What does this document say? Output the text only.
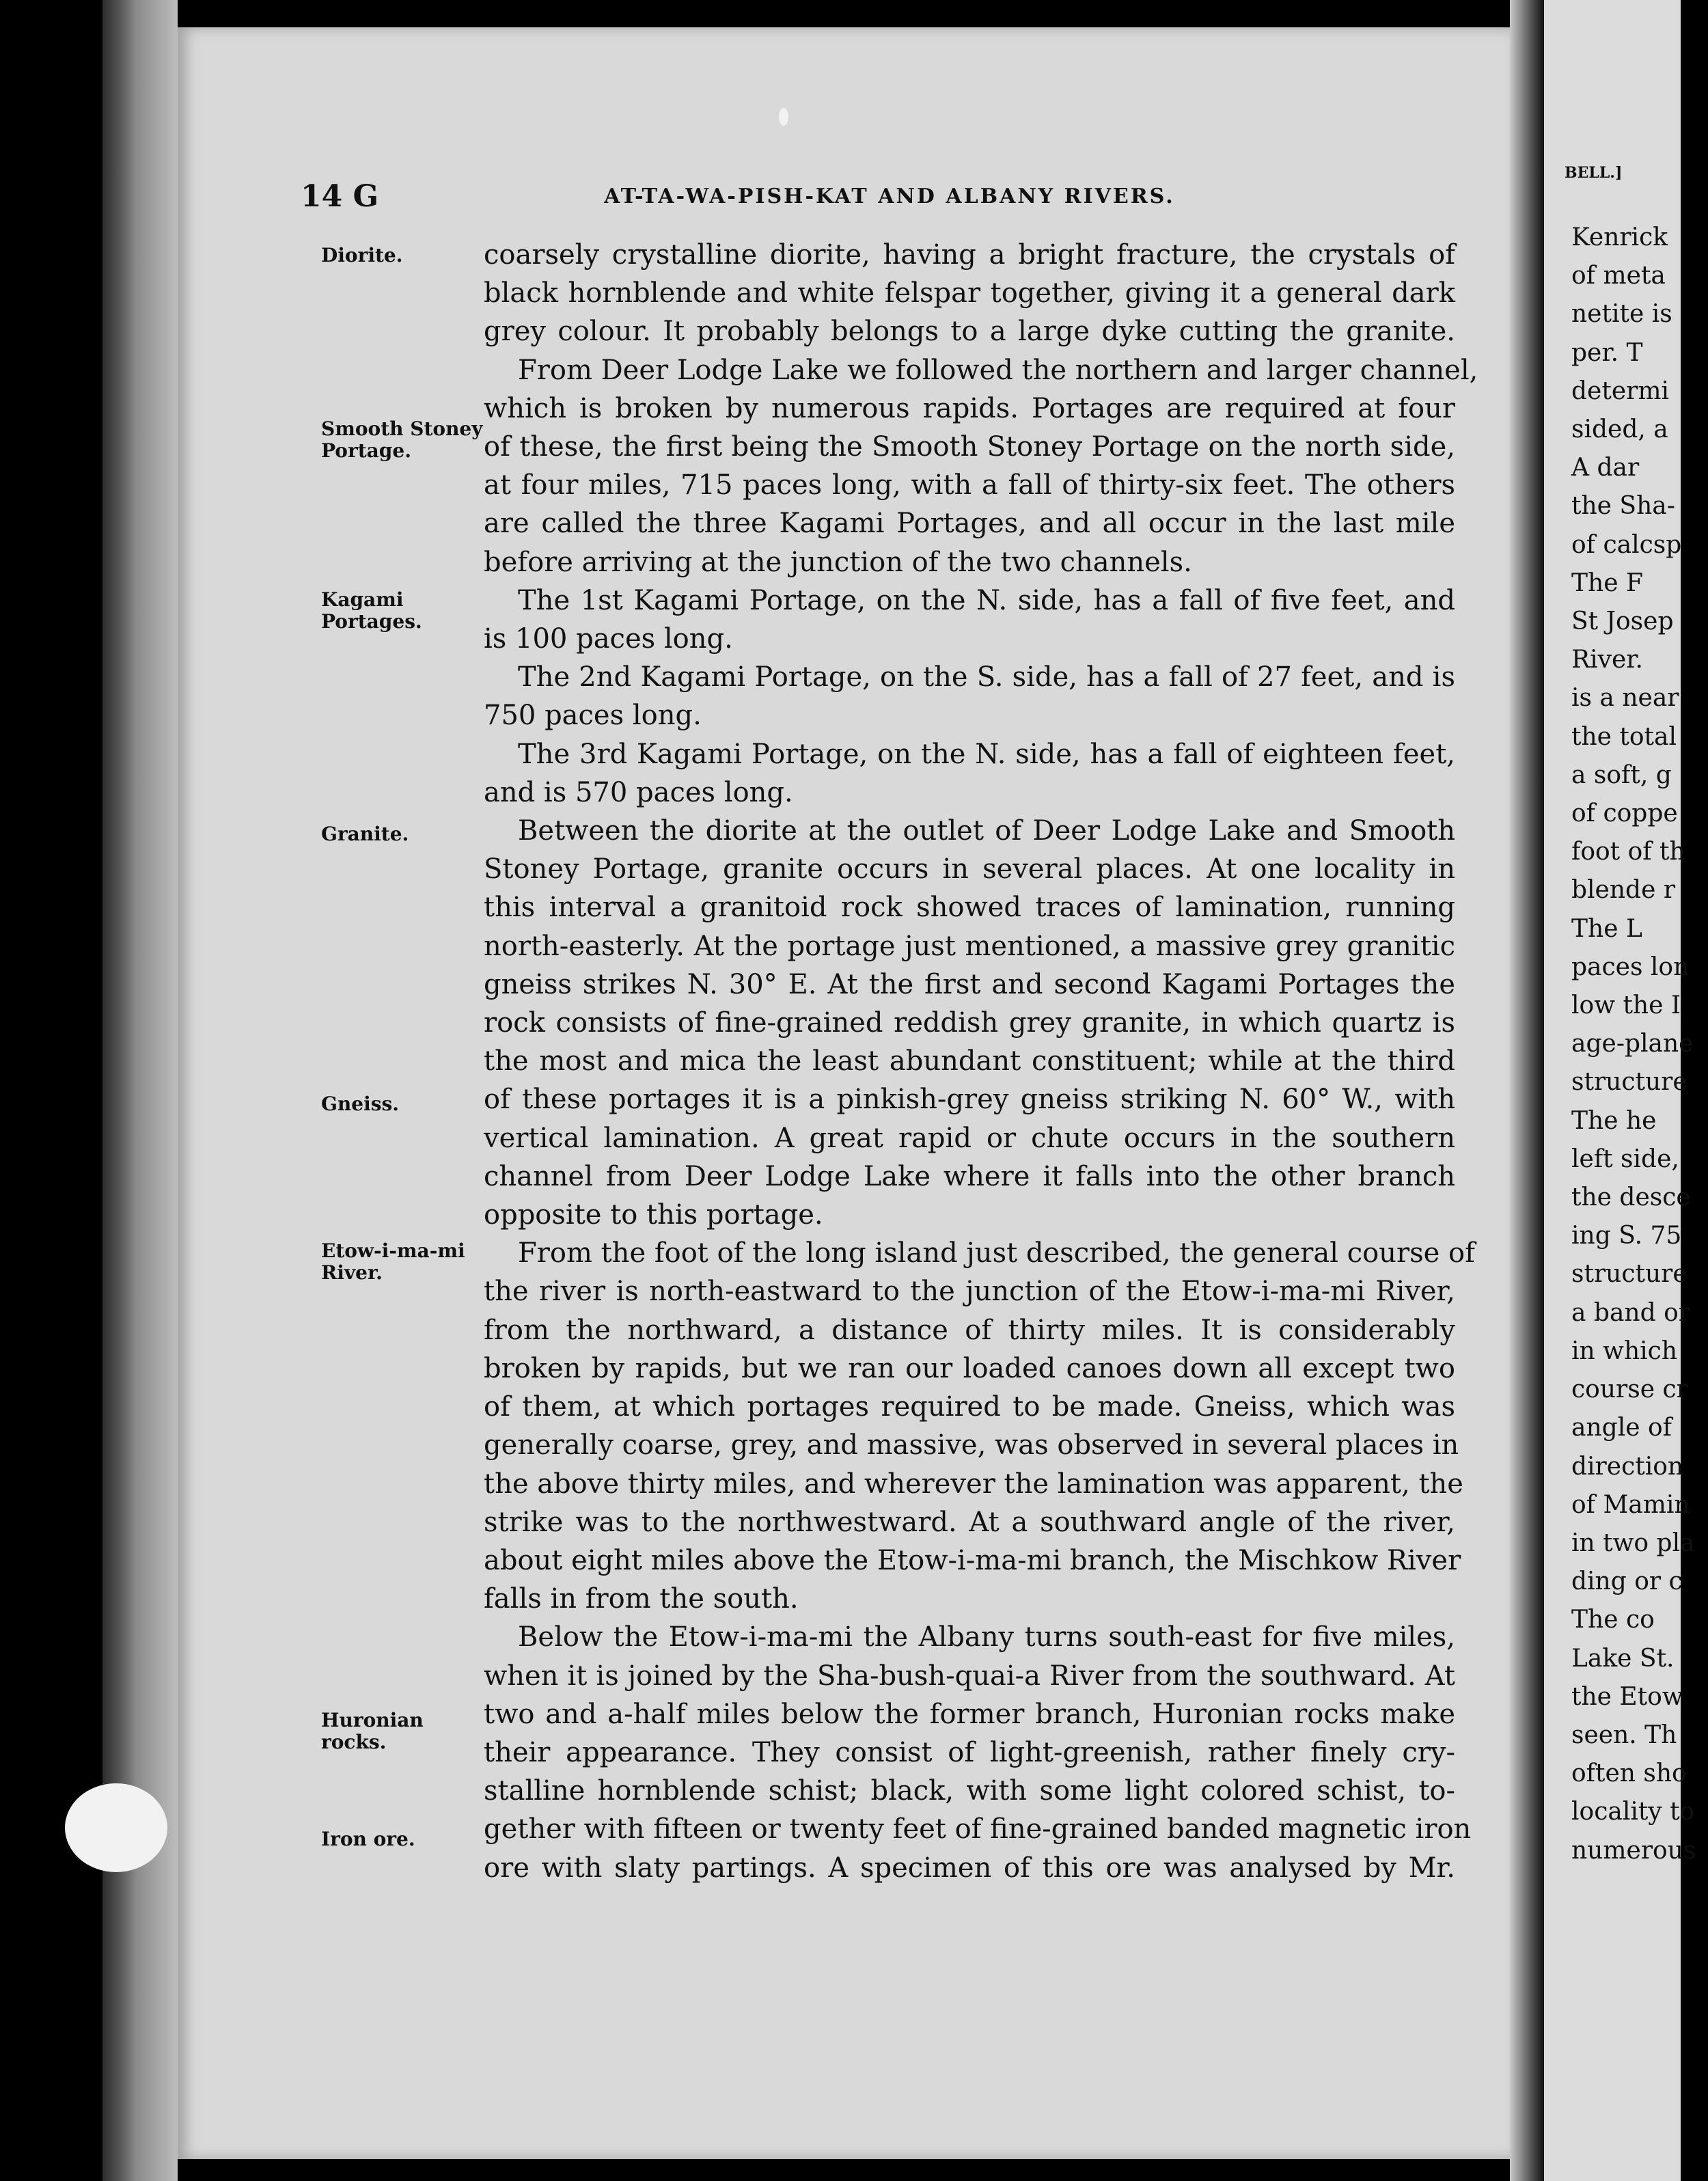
14 G	AT-TA-WA-PISH-KAT AND ALBANY RIVERS.
Diorite.
Smooth Stoney Portage.
Kagami Portages.
Granite.
Gneiss.
Etow-i-ma-mi River.
Huronian rocks.
Iron ore.
coarsely crystalline diorite, having a bright fracture, the crystals of
black hornblende and white felspar together, giving it a general dark
grey colour. It probably belongs to a large dyke cutting the granite.
From Deer Lodge Lake we followed the northern and larger channel,
which is broken by numerous rapids. Portages are required at four
of these, the first being the Smooth Stoney Portage on the north side,
at four miles, 715 paces long, with a fall of thirty-six feet. The others
are called the three Kagami Portages, and all occur in the last mile
before arriving at the junction of the two channels.
The 1st Kagami Portage, on the N. side, has a fall of five feet, and
is 100 paces long.
The 2nd Kagami Portage, on the S. side, has a fall of 27 feet, and is
750 paces long.
The 3rd Kagami Portage, on the N. side, has a fall of eighteen feet,
and is 570 paces long.
Between the diorite at the outlet of Deer Lodge Lake and Smooth
Stoney Portage, granite occurs in several places. At one locality in
this interval a granitoid rock showed traces of lamination, running
north-easterly. At the portage just mentioned, a massive grey granitic
gneiss strikes N. 30° E. At the first and second Kagami Portages the
rock consists of fine-grained reddish grey granite, in which quartz is
the most and mica the least abundant constituent; while at the third
of these portages it is a pinkish-grey gneiss striking N. 60° W., with
vertical lamination. A great rapid or chute occurs in the southern
channel from Deer Lodge Lake where it falls into the other branch
opposite to this portage.
From the foot of the long island just described, the general course of
the river is north-eastward to the junction of the Etow-i-ma-mi River,
from the northward, a distance of thirty miles. It is considerably
broken by rapids, but we ran our loaded canoes down all except two
of them, at which portages required to be made. Gneiss, which was
generally coarse, grey, and massive, was observed in several places in
the above thirty miles, and wherever the lamination was apparent, the
strike was to the northwestward. At a southward angle of the river,
about eight miles above the Etow-i-ma-mi branch, the Mischkow River
falls in from the south.
Below the Etow-i-ma-mi the Albany turns south-east for five miles,
when it is joined by the Sha-bush-quai-a River from the southward. At
two and a-half miles below the former branch, Huronian rocks make
their appearance. They consist of light-greenish, rather finely cry-
stalline hornblende schist; black, with some light colored schist, to-
gether with fifteen or twenty feet of fine-grained banded magnetic iron
ore with slaty partings. A specimen of this ore was analysed by Mr.
BELL.]
Kenrick
of meta
netite is
per. T
determi
sided, a
A dar
the Sha-
of calcsp
The F
St Josep
River.
is a near
the total
a soft, g
of coppe
foot of th
blende r
The L
paces lon
low the I
age-plane
structure
The he
left side,
the desce
ing S. 75
structure
a band or
in which
course cr
angle of
direction
of Mamin
in two pla
ding or c
The co
Lake St.
the Etow
seen. Th
often sho
locality to
numerous
